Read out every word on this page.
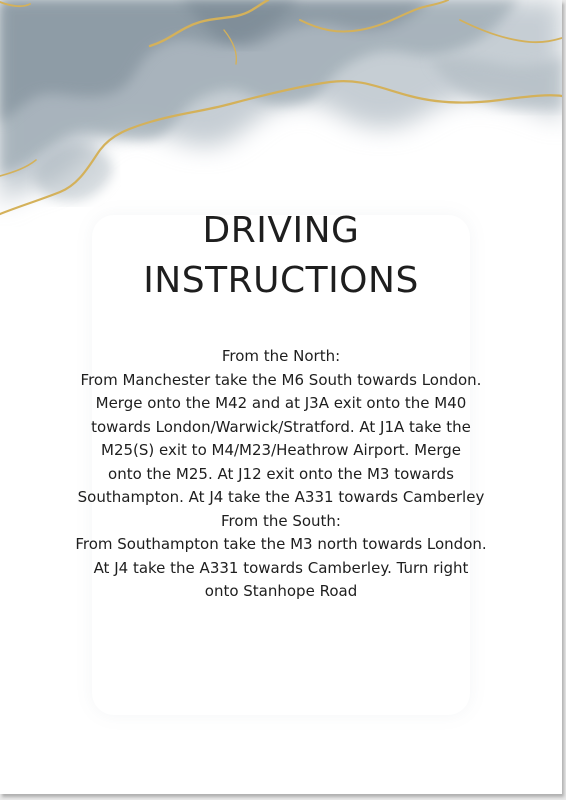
DRIVING
INSTRUCTIONS
From the North:
From Manchester take the M6 South towards London.
Merge onto the M42 and at J3A exit onto the M40
towards London/Warwick/Stratford. At J1A take the
M25(S) exit to M4/M23/Heathrow Airport. Merge
onto the M25. At J12 exit onto the M3 towards
Southampton. At J4 take the A331 towards Camberley
From the South:
From Southampton take the M3 north towards London.
At J4 take the A331 towards Camberley. Turn right
onto Stanhope Road
